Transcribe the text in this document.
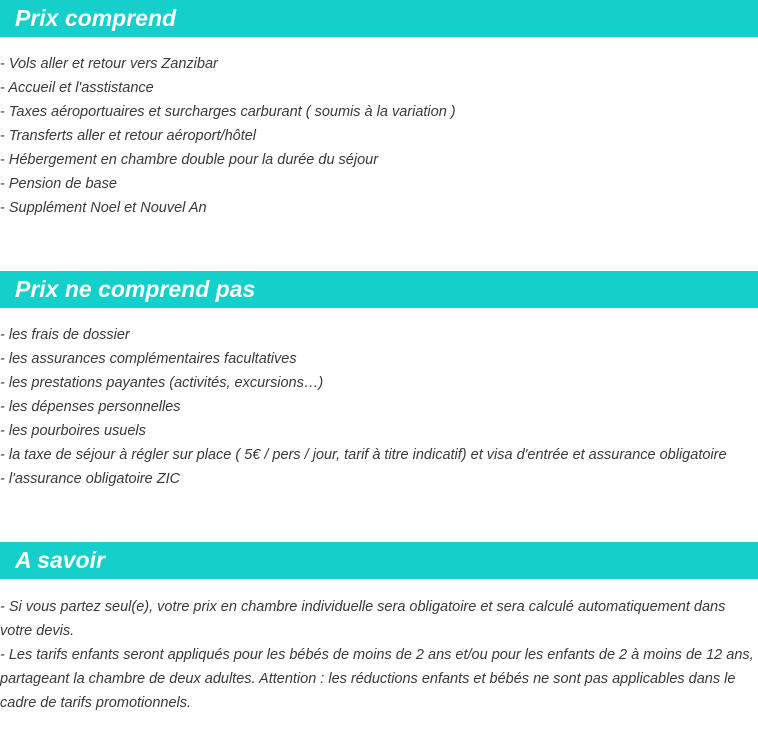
Prix comprend
- Vols aller et retour vers Zanzibar
- Accueil et l'asstistance
- Taxes aéroportuaires et surcharges carburant ( soumis à la variation )
- Transferts aller et retour aéroport/hôtel
- Hébergement en chambre double pour la durée du séjour
- Pension de base
- Supplément Noel et Nouvel An
Prix ne comprend pas
- les frais de dossier
- les assurances complémentaires facultatives
- les prestations payantes (activités, excursions…)
- les dépenses personnelles
- les pourboires usuels
- la taxe de séjour à régler sur place ( 5€ / pers / jour, tarif à titre indicatif) et visa d'entrée et assurance obligatoire
- l'assurance obligatoire ZIC
A savoir
- Si vous partez seul(e), votre prix en chambre individuelle sera obligatoire et sera calculé automatiquement dans votre devis.
- Les tarifs enfants seront appliqués pour les bébés de moins de 2 ans et/ou pour les enfants de 2 à moins de 12 ans, partageant la chambre de deux adultes. Attention : les réductions enfants et bébés ne sont pas applicables dans le cadre de tarifs promotionnels.
